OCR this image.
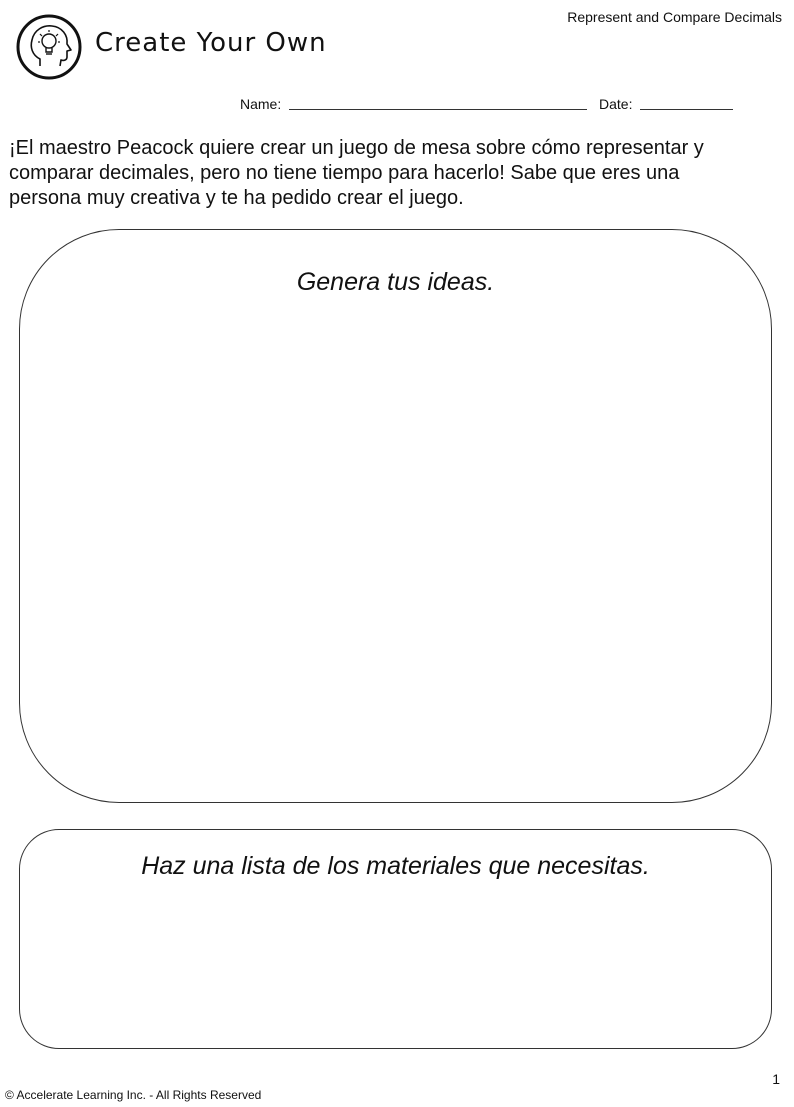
Represent and Compare Decimals
Create Your Own
Name:	Date:

¡El maestro Peacock quiere crear un juego de mesa sobre cómo representar y comparar decimales, pero no tiene tiempo para hacerlo! Sabe que eres una persona muy creativa y te ha pedido crear el juego.

Genera tus ideas.
Haz una lista de los materiales que necesitas.
1
© Accelerate Learning Inc. - All Rights Reserved
